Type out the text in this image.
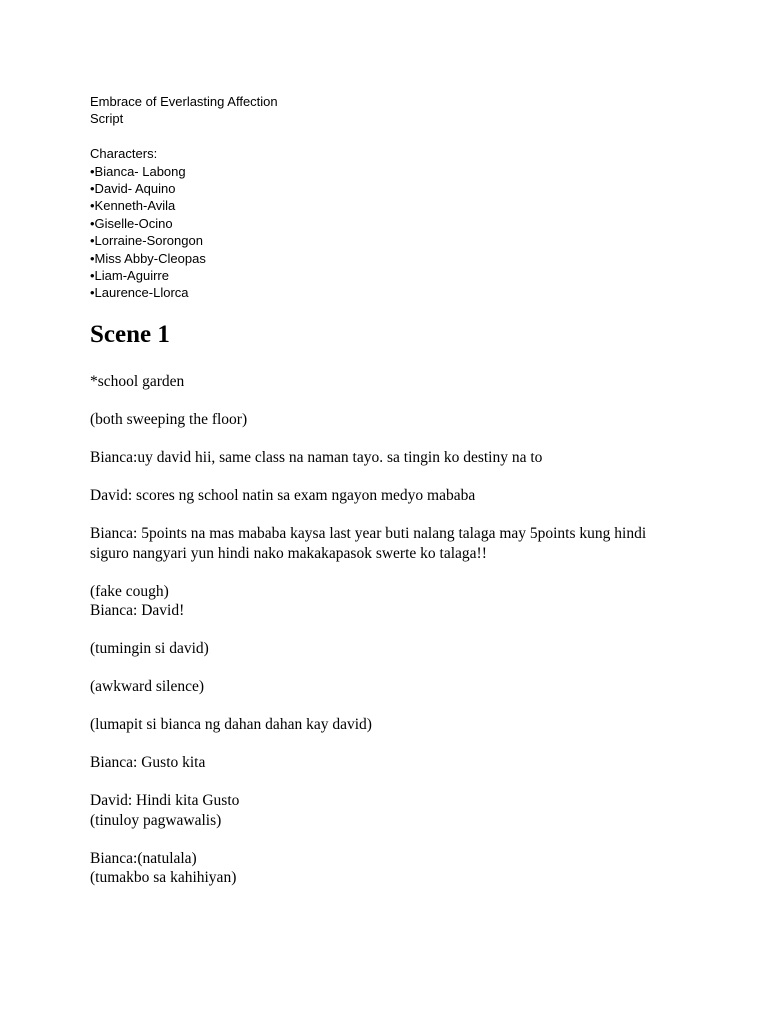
Embrace of Everlasting Affection
Script
Characters:
•Bianca- Labong
•David- Aquino
•Kenneth-Avila
•Giselle-Ocino
•Lorraine-Sorongon
•Miss Abby-Cleopas
•Liam-Aguirre
•Laurence-Llorca
Scene 1

*school garden

(both sweeping the floor)

Bianca:uy david hii, same class na naman tayo. sa tingin ko destiny na to

David: scores ng school natin sa exam ngayon medyo mababa

Bianca: 5points na mas mababa kaysa last year buti nalang talaga may 5points kung hindi
siguro nangyari yun hindi nako makakapasok swerte ko talaga!!

(fake cough)
Bianca: David!

(tumingin si david)

(awkward silence)

(lumapit si bianca ng dahan dahan kay david)

Bianca: Gusto kita

David: Hindi kita Gusto
(tinuloy pagwawalis)

Bianca:(natulala)
(tumakbo sa kahihiyan)
